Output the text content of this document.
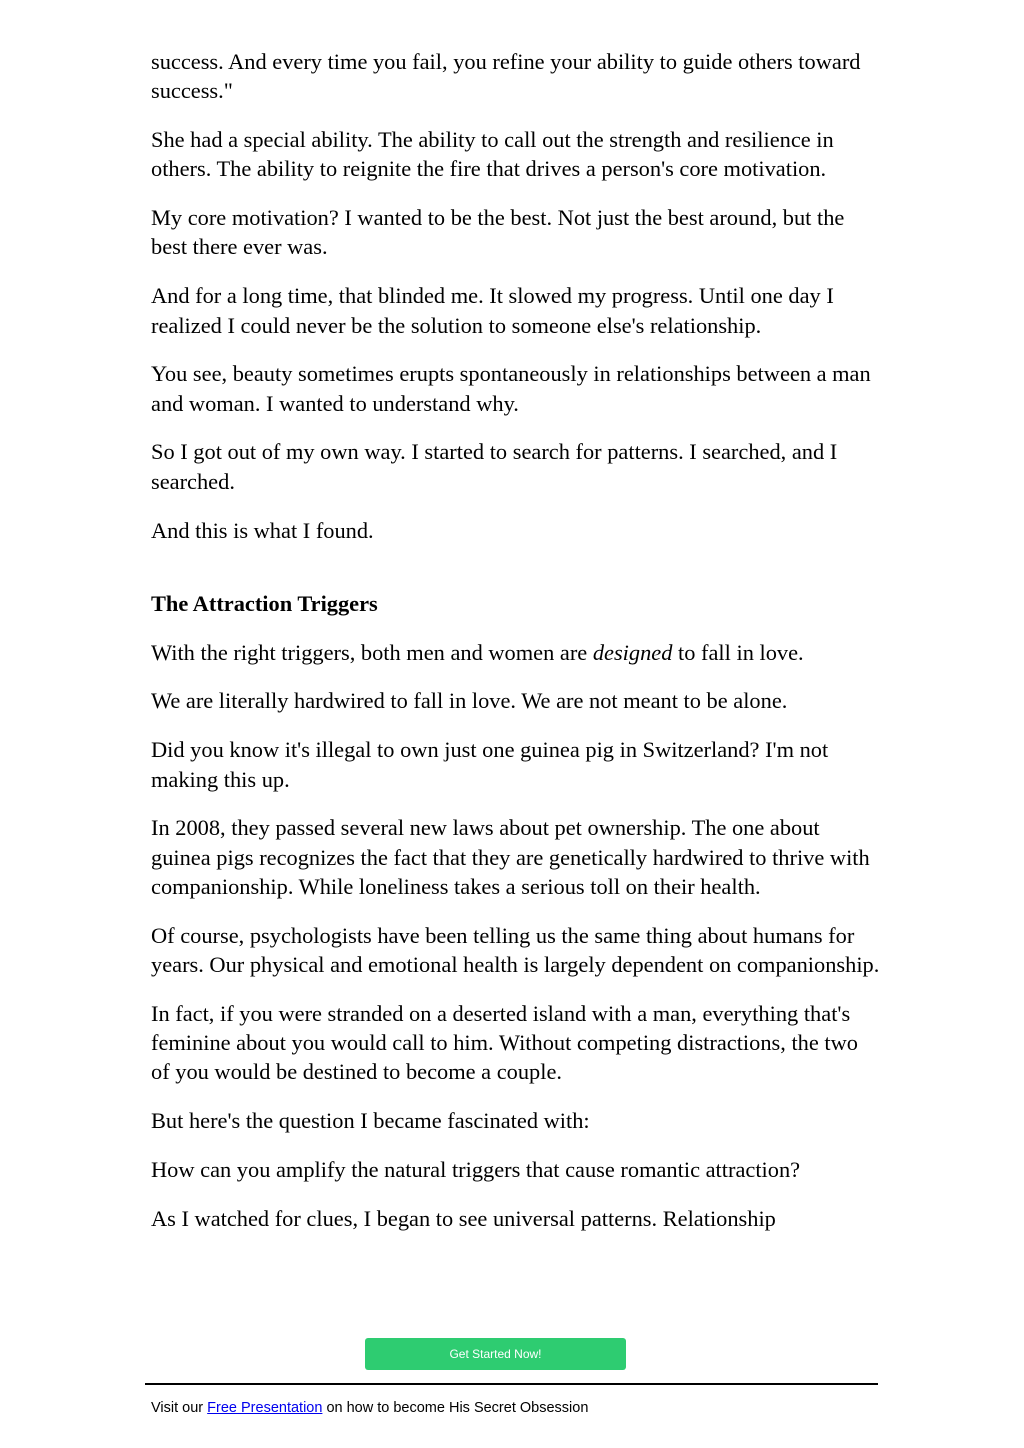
success. And every time you fail, you refine your ability to guide others toward success."

She had a special ability. The ability to call out the strength and resilience in others. The ability to reignite the fire that drives a person's core motivation.

My core motivation? I wanted to be the best. Not just the best around, but the best there ever was.

And for a long time, that blinded me. It slowed my progress. Until one day I realized I could never be the solution to someone else's relationship.

You see, beauty sometimes erupts spontaneously in relationships between a man and woman. I wanted to understand why.

So I got out of my own way. I started to search for patterns. I searched, and I searched.

And this is what I found.

The Attraction Triggers

With the right triggers, both men and women are designed to fall in love.

We are literally hardwired to fall in love. We are not meant to be alone.

Did you know it's illegal to own just one guinea pig in Switzerland? I'm not making this up.

In 2008, they passed several new laws about pet ownership. The one about guinea pigs recognizes the fact that they are genetically hardwired to thrive with companionship. While loneliness takes a serious toll on their health.

Of course, psychologists have been telling us the same thing about humans for years. Our physical and emotional health is largely dependent on companionship.

In fact, if you were stranded on a deserted island with a man, everything that's feminine about you would call to him. Without competing distractions, the two of you would be destined to become a couple.

But here's the question I became fascinated with:

How can you amplify the natural triggers that cause romantic attraction?

As I watched for clues, I began to see universal patterns. Relationship

Get Started Now!
Visit our Free Presentation on how to become His Secret Obsession
